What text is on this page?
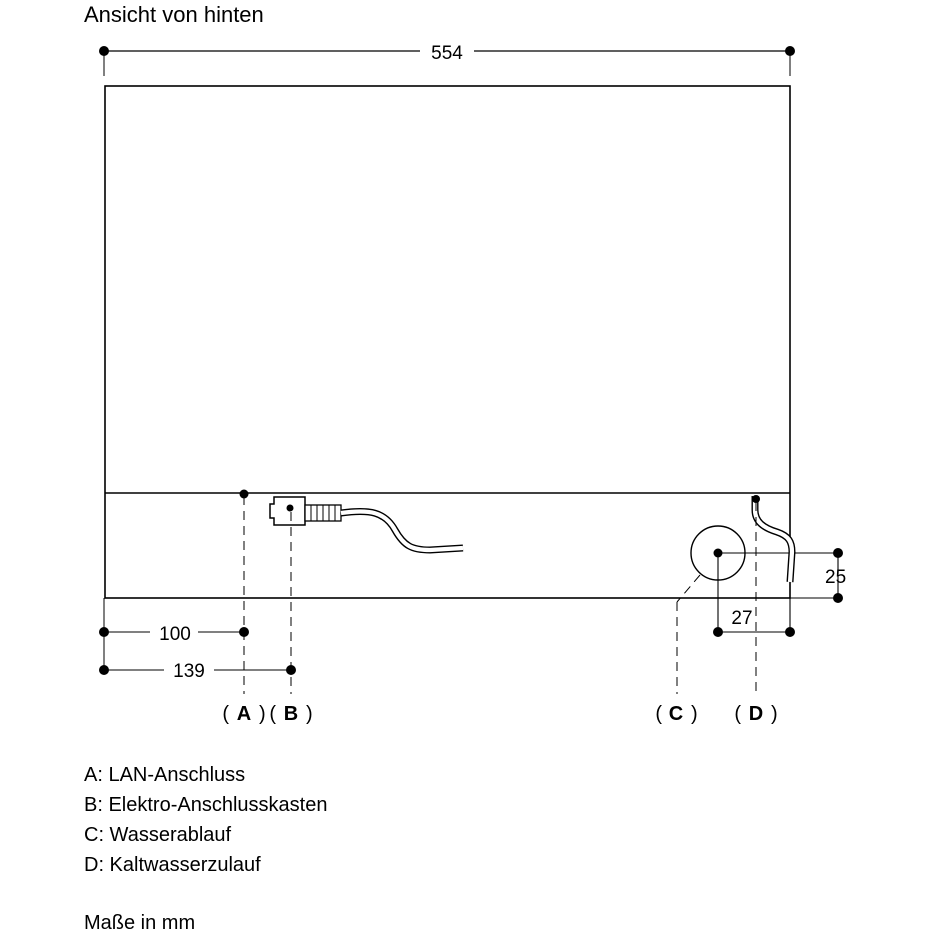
Ansicht von hinten
554
25
27
100
139
( A ) ( B )	( C ) ( D )
A: LAN-Anschluss
B: Elektro-Anschlusskasten
C: Wasserablauf
D: Kaltwasserzulauf
Maße in mm
